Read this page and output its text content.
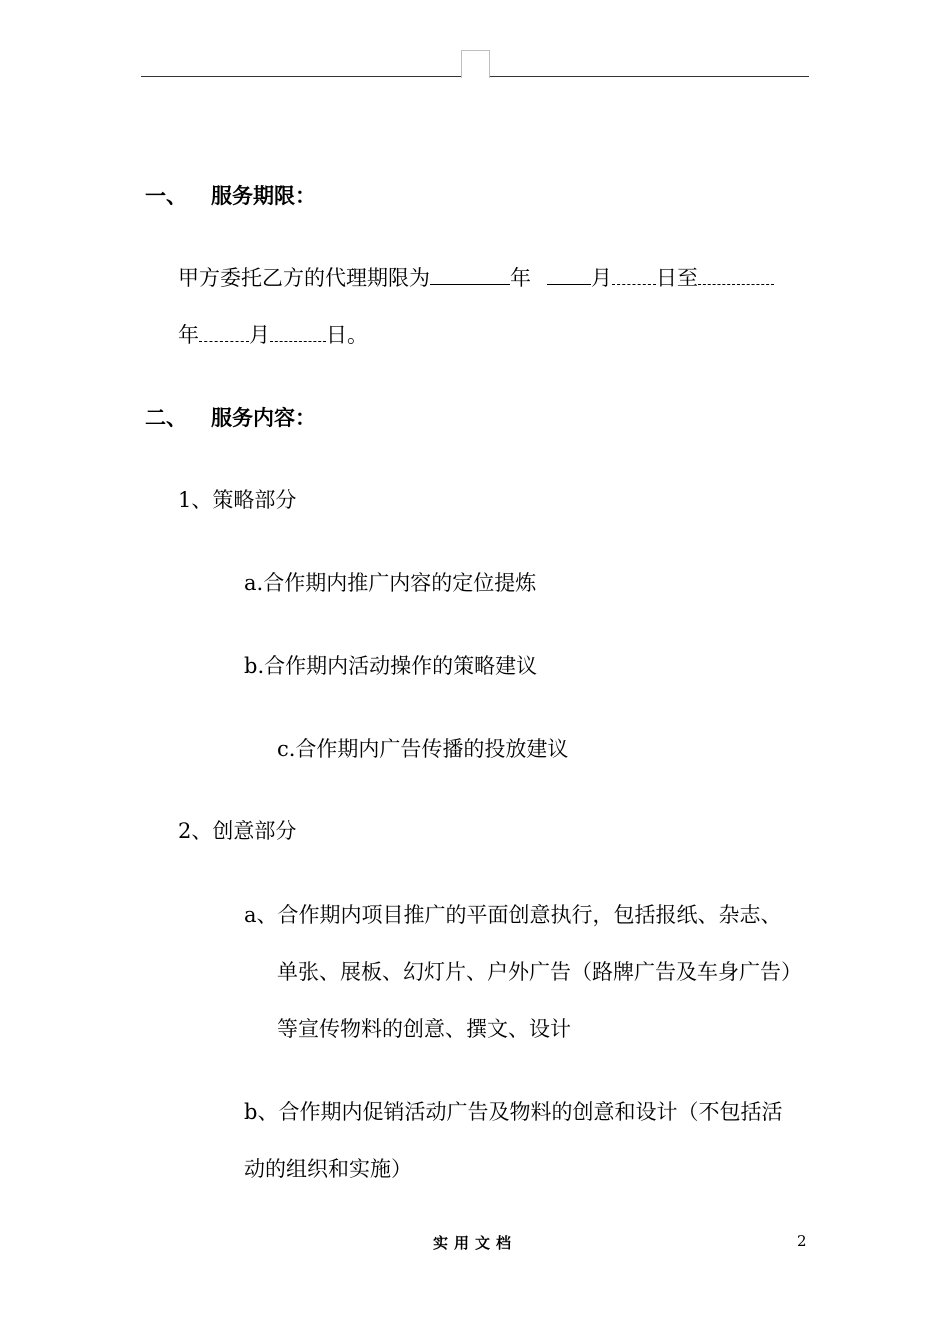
一、 服务期限：
甲方委托乙方的代理期限为	年	月 日至
年 月	日。
二、 服务内容：
1、策略部分
a.合作期内推广内容的定位提炼
b.合作期内活动操作的策略建议
c.合作期内广告传播的投放建议
2、创意部分
a、合作期内项目推广的平面创意执行，包括报纸、杂志、
单张、展板、幻灯片、户外广告（路牌广告及车身广告）
等宣传物料的创意、撰文、设计
b、合作期内促销活动广告及物料的创意和设计（不包括活
动的组织和实施）
实用文档	2
